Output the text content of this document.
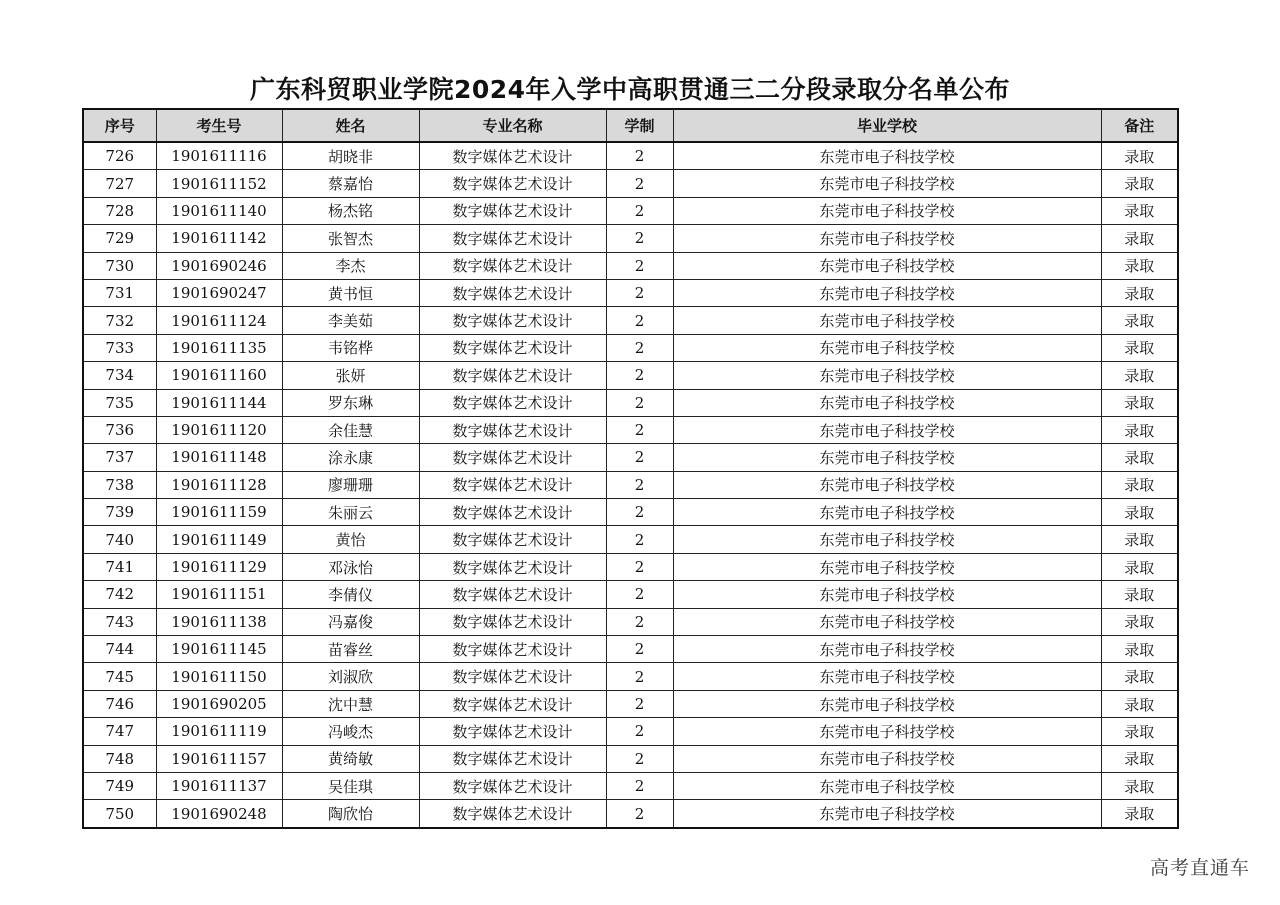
广东科贸职业学院2024年入学中高职贯通三二分段录取分名单公布
序号	考生号	姓名	专业名称	学制	毕业学校	备注
726	1901611116	胡晓非	数字媒体艺术设计	2	东莞市电子科技学校	录取
727	1901611152	蔡嘉怡	数字媒体艺术设计	2	东莞市电子科技学校	录取
728	1901611140	杨杰铭	数字媒体艺术设计	2	东莞市电子科技学校	录取
729	1901611142	张智杰	数字媒体艺术设计	2	东莞市电子科技学校	录取
730	1901690246	李杰	数字媒体艺术设计	2	东莞市电子科技学校	录取
731	1901690247	黄书恒	数字媒体艺术设计	2	东莞市电子科技学校	录取
732	1901611124	李美茹	数字媒体艺术设计	2	东莞市电子科技学校	录取
733	1901611135	韦铭桦	数字媒体艺术设计	2	东莞市电子科技学校	录取
734	1901611160	张妍	数字媒体艺术设计	2	东莞市电子科技学校	录取
735	1901611144	罗东琳	数字媒体艺术设计	2	东莞市电子科技学校	录取
736	1901611120	余佳慧	数字媒体艺术设计	2	东莞市电子科技学校	录取
737	1901611148	涂永康	数字媒体艺术设计	2	东莞市电子科技学校	录取
738	1901611128	廖珊珊	数字媒体艺术设计	2	东莞市电子科技学校	录取
739	1901611159	朱丽云	数字媒体艺术设计	2	东莞市电子科技学校	录取
740	1901611149	黄怡	数字媒体艺术设计	2	东莞市电子科技学校	录取
741	1901611129	邓泳怡	数字媒体艺术设计	2	东莞市电子科技学校	录取
742	1901611151	李倩仪	数字媒体艺术设计	2	东莞市电子科技学校	录取
743	1901611138	冯嘉俊	数字媒体艺术设计	2	东莞市电子科技学校	录取
744	1901611145	苗睿丝	数字媒体艺术设计	2	东莞市电子科技学校	录取
745	1901611150	刘淑欣	数字媒体艺术设计	2	东莞市电子科技学校	录取
746	1901690205	沈中慧	数字媒体艺术设计	2	东莞市电子科技学校	录取
747	1901611119	冯峻杰	数字媒体艺术设计	2	东莞市电子科技学校	录取
748	1901611157	黄绮敏	数字媒体艺术设计	2	东莞市电子科技学校	录取
749	1901611137	吴佳琪	数字媒体艺术设计	2	东莞市电子科技学校	录取
750	1901690248	陶欣怡	数字媒体艺术设计	2	东莞市电子科技学校	录取
高考直通车
